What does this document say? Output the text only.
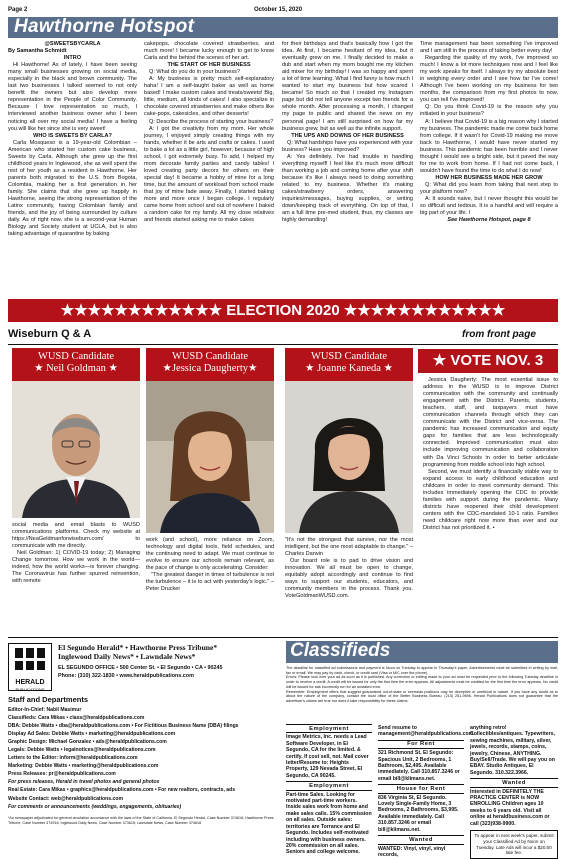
Page 2	October 15, 2020
Hawthorne Hotspot

@SWEETSBYCARLA

By Samantha Schmidt

INTRO

Hi Hawthorne! As of lately, I have been seeing many small businesses growing on social media, especially in the black and brown community. The last two businesses I talked seemed to not only benefit the owners but also develop more representation in the People of Color Community. Because I love representation so much, I interviewed another business owner who I been noticing all over my social media! I have a feeling you will like her since she is very sweet!

WHO IS SWEETS BY CARLA?

Carla Mosqueso is a 19-year-old Colombian – American who started her custom cake business, Sweets by Carla. Although she grew up the first childhood years in Inglewood, she as well spent the rest of her youth as a resident in Hawthorne. Her parents both migrated to the U.S. from Bogota, Colombia, making her a first generation in her family. She claims that she grew up happily in Hawthorne, seeing the strong representation of the Latinx community, having Colombian family and friends, and the joy of being surrounded by culture daily. As of right now, she is a second-year Human Biology and Society student at UCLA, but is also taking advantage of quarantine by baking

cakepops, chocolate covered strawberries, and much more! I became lucky enough to get to know Carla and the behind the scenes of her art.

THE START OF HER BUSINESS

Q: What do you do in your business?

A: My business is pretty much self-explanatory haha! I am a self-taught baker as well as home based! I make custom cakes and treats/sweets! Big, little, medium, all kinds of cakes! I also specialize in chocolate covered strawberries and make others like cake-pops, cakesicles, and other desserts!

Q: Describe the process of starting your business?

A: I got the creativity from my mom. Her whole journey, I enjoyed simply creating things with my hands, whether it be arts and crafts or cakes. I used to bake a lot as a little girl, however, because of high school, I got extremely busy. To add, I helped my mom decorate family parties and candy tables! I loved creating party decors for others on their special day! It became a hobby of mine for a long time, but the amount of workload from school made that joy of mine fade away. Finally, I started baking more and more once I began college. I regularly came home from school and out of nowhere I baked a random cake for my family. All my close relatives and friends started asking me to make cakes

for their birthdays and that's basically how I got the idea. At first, I became hesitant of my idea, but it eventually grew on me. I finally decided to make a dub and start when my mom bought me my kitchen aid mixer for my birthday! I was so happy and spent a lot of time learning. What I find funny is how much I wanted to start my business but how scared I became! So much so that I created my Instagram page but did not tell anyone except two friends for a whole month. After processing a month, I changed my page to public and shared the news on my personal page! I am still surprised on how far my business grew, but as well as the infinite support.

THE UPS AND DOWNS OF HER BUSINESS

Q: What hardships have you experienced with your business? Have you improved?

A: Yes definitely. I've had trouble in handling everything myself! I feel like it's much more difficult than working a job and coming home after your shift because it's like I always need to doing something related to my business. Whether it's making cakes/strawberry orders, answering inquiries/messages, buying supplies, or writing down/keeping track of everything. On top of that, I am a full time pre-med student, thus, my classes are highly demanding!

Time management has been something I've improved and I am still in the process of taking better every day!

Regarding the quality of my work, I've improved so much! I know a lot more techniques now and I feel like my work speaks for itself. I always try my absolute best in weighing every order and I see how far I've come! Although I've been working on my business for two months, the comparison from my first photos to now, you can tell I've improved!

Q: Do you think Covid-19 is the reason why you initiated in your business?

A: I believe that Covid-19 is a big reason why I started my business. The pandemic made me come back home from college. If it wasn't for Covid-19 making me move back to Hawthorne, I would have never started my business. This pandemic has been horrible and I never thought I would see a bright side, but it paved the way for me to work from home. If I had not come back, I wouldn't have found the time to do what I do now!

HOW HER BUSINESS MADE HER GROW

Q: What did you learn from taking that next step to your platform now?

A: It sounds naive, but I never thought this would be so difficult and tedious. It is a handful and will require a big part of your life. I

See Hawthorne Hotspot, page 8

★★★★★★★★★★★★ ELECTION 2020 ★★★★★★★★★★★★
Wiseburn Q & A	from front page
WUSD Candidate
★ Neil Goldman ★
WUSD Candidate
★Jessica Daugherty★
WUSD Candidate
★ Joanne Kaneda ★

social media and email blasts to WUSD communications platforms. Check my website at https://NeaGeldmanforwiseburn.com/ to communicate with me directly.

Neil Goldman: 1) COVID-19 today; 2) Managing Change tomorrow. How we work in the world—indeed, how the world works—is forever changing. The Coronavirus has further spurred reinvention, with remote

work (and school), more reliance on Zoom, technology and digital tools, field schedules, and the continuing need to adapt. We must continue to evolve to ensure our schools remain relevant, as the pace of change is only accelerating. Consider:

"The greatest danger in times of turbulence is not the turbulence – it is to act with yesterday's logic." – Peter Drucker

"It's not the strongest that survive, nor the most intelligent, but the one most adaptable to change." – Charles Darwin

Our board role is to pad to drive vision and innovation. We all must be open to change, equitably adopt accordingly and continue to find ways to support our students, educators, and community members in the process. Thank you. VoteGoldmanWUSD.com.

★ VOTE NOV. 3

Jessica Daugherty: The most essential issue to address in the WUSD is to improve District communication with the community and continually engagement with the District. Parents, students, teachers, staff, and taxpayers must have communication channels through which they can communicate with the District and vice-versa. The pandemic has increased communication and equity gaps for families that are less technologically connected. Improved communication must also include improving communication and collaboration with Da Vinci Schools in order to better articulate programming from middle school into high school.

Second, we must identify a financially stable way to expand access to early childhood education and childcare in order to meet community demand. This includes immediately opening the CDC to provide families with support during the pandemic. Many districts have reopened their child development centers with the CDC-mandated 10-1 ratio. Families need childcare right now more than ever and our District has not prioritized it. •

HERALD
PUBLICATIONS
El Segundo Herald* • Hawthorne Press Tribune*
Inglewood Daily News* • Lawndale News*
EL SEGUNDO OFFICE • 500 Center St. • El Segundo • CA • 90245
Phone: (310) 322-1830 • www.heraldpublications.com
Staff and Departments
Editor-In-Chief: Nabil Masimur
Classifieds: Cara Mikas • class@heraldpublications.com
DBA: Debbie Watts • dba@heraldpublications.com • For Fictitious Business Name (DBA) filings
Display Ad Sales: Debbie Watts • marketing@heraldpublications.com
Graphic Design: Michael Gonzalez • ads@heraldpublications.com
Legals: Debbie Watts • legalnotices@heraldpublications.com
Letters to the Editor: inform@heraldpublications.com
Marketing: Debbie Watts • marketing@heraldpublications.com
Press Releases: pr@heraldpublications.com
For press releases, Herald in travel photos and general photos
Real Estate: Cara Mikas • graphics@heraldpublications.com • For new realtors, contracts, ads
Website Contact: web@heraldpublications.com
For comments or announcements (weddings, engagements, obituaries)
*An newspaper adjudicated for general circulation accordance with the laws of the State of California. El Segundo Herald, Case Number 374616; Hawthorne Press Tribune, Case Number 374916; Inglewood Daily News, Case Number 373615; Lawndale News, Case Number 374618
Classifieds

The deadline for classified ad submissions and payment is Noon on Tuesday to appear in Thursday's paper. Advertisements must be submitted in writing by mail, fax or email. We may pay by cash, check, or credit card (Visa or M/C over the phone).

Errors: Please look over your ad as soon as it is published. Any correction or editing made to your ad must be requested prior to the following Tuesday deadline in order to receive a credit. A credit will be issued for only the first time the error appears. All adjustments must be credited for the first time the error appears. No credit will be issued for ads incorrectly run for an unstated error.

Remember: Employment offers that suggest guaranteed out-of-state or overseas positions may be deceptive or unethical in nature. If you have any doubt as to about the nature of the company, contact the local office of the Better Business Bureau. (213) 251-9696. Herald Publications does not guarantee that the advertiser's claims are true nor does it take responsibility for these claims.

Employment
Image Metrics, Inc. needs a Lead Software Developer, in El Segundo, CA for the limited. & certify. If cost sell, not. Mail cover letter/Resume to: Heights Property, 129 Nevada Street, El Segundo, CA 90245.
Employment
Part-time Sales. Looking for motivated part-time workers. Inside sales work from home and make sales calls. 15% commission on all sales. Outside sales: territories are Torrance and El Segundo. Includes self-motivated including with business owners. 20% commission on all sales. Seniors and college welcome.
Send resume to management@heraldpublications.com.
For Rent
321 Richmond St, El Segundo: Spacious Unit, 2 Bedrooms, 1 Bathroom, $2,495. Available immediately. Call 310.857.3246 or email bill@klimans.net.
House for Rent
836 Virginia St, El Segundo. Lovely Single-Family Home, 3 Bedrooms, 2 Bathrooms, $3,995. Available immediately. Call 310.857.3246 or email bill@klimans.net.
Wanted
WANTED: Vinyl, vinyl, vinyl records,
anything retro! Collectibles/antiques. Typewriters, sewing machines, military, silver, jewels, records, stamps, coins, jewelry, Chinese, ANYTHING. Buy/Sell/Trade. We will pay you on EBAY. Studio Antiques, El Segundo. 310.322.3966.
Wanted
Interested in DEFINITELY THE PRACTICE CENTER is NOW ENROLLING Children ages 10 weeks to 6 years old. Visit all online at heraldbusiness.com or call (323)938-9900.
To appear in next week's paper, submit your Classified Ad by Noon on Tuesday. Late Ads will incur a $20.00 late fee.
